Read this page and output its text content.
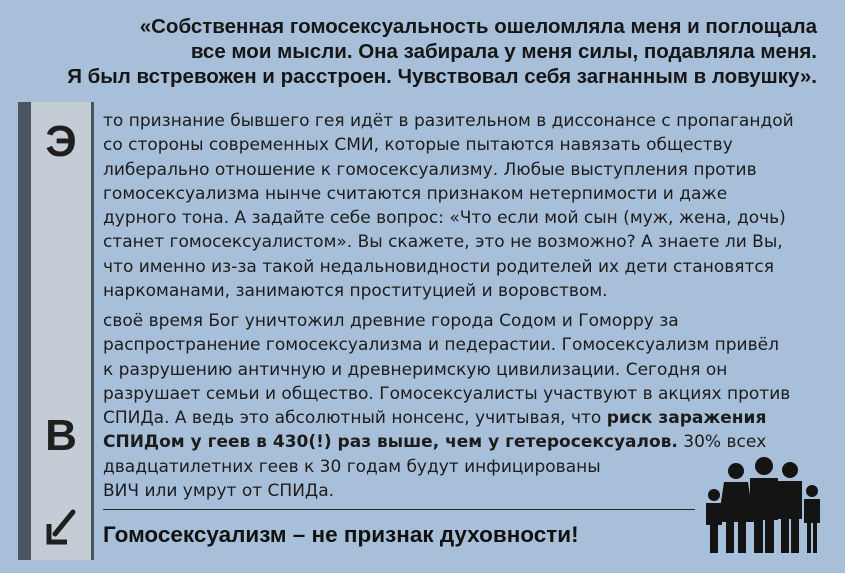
«Собственная гомосексуальность ошеломляла меня и поглощала
все мои мысли. Она забирала у меня силы, подавляла меня.
Я был встревожен и расстроен. Чувствовал себя загнанным в ловушку».
Э
В
то признание бывшего гея идёт в разительном в диссонансе с пропагандой
со стороны современных СМИ, которые пытаются навязать обществу
либерально отношение к гомосексуализму. Любые выступления против
гомосексуализма нынче считаются признаком нетерпимости и даже
дурного тона. А задайте себе вопрос: «Что если мой сын (муж, жена, дочь)
станет гомосексуалистом». Вы скажете, это не возможно? А знаете ли Вы,
что именно из-за такой недальновидности родителей их дети становятся
наркоманами, занимаются проституцией и воровством.
своё время Бог уничтожил древние города Содом и Гоморру за
распространение гомосексуализма и педерастии. Гомосексуализм привёл
к разрушению античную и древнеримскую цивилизации. Сегодня он
разрушает семьи и общество. Гомосексуалисты участвуют в акциях против
СПИДа. А ведь это абсолютный нонсенс, учитывая, что риск заражения
СПИДом у геев в 430(!) раз выше, чем у гетеросексуалов. 30% всех
двадцатилетних геев к 30 годам будут инфицированы
ВИЧ или умрут от СПИДа.
Гомосексуализм – не признак духовности!
